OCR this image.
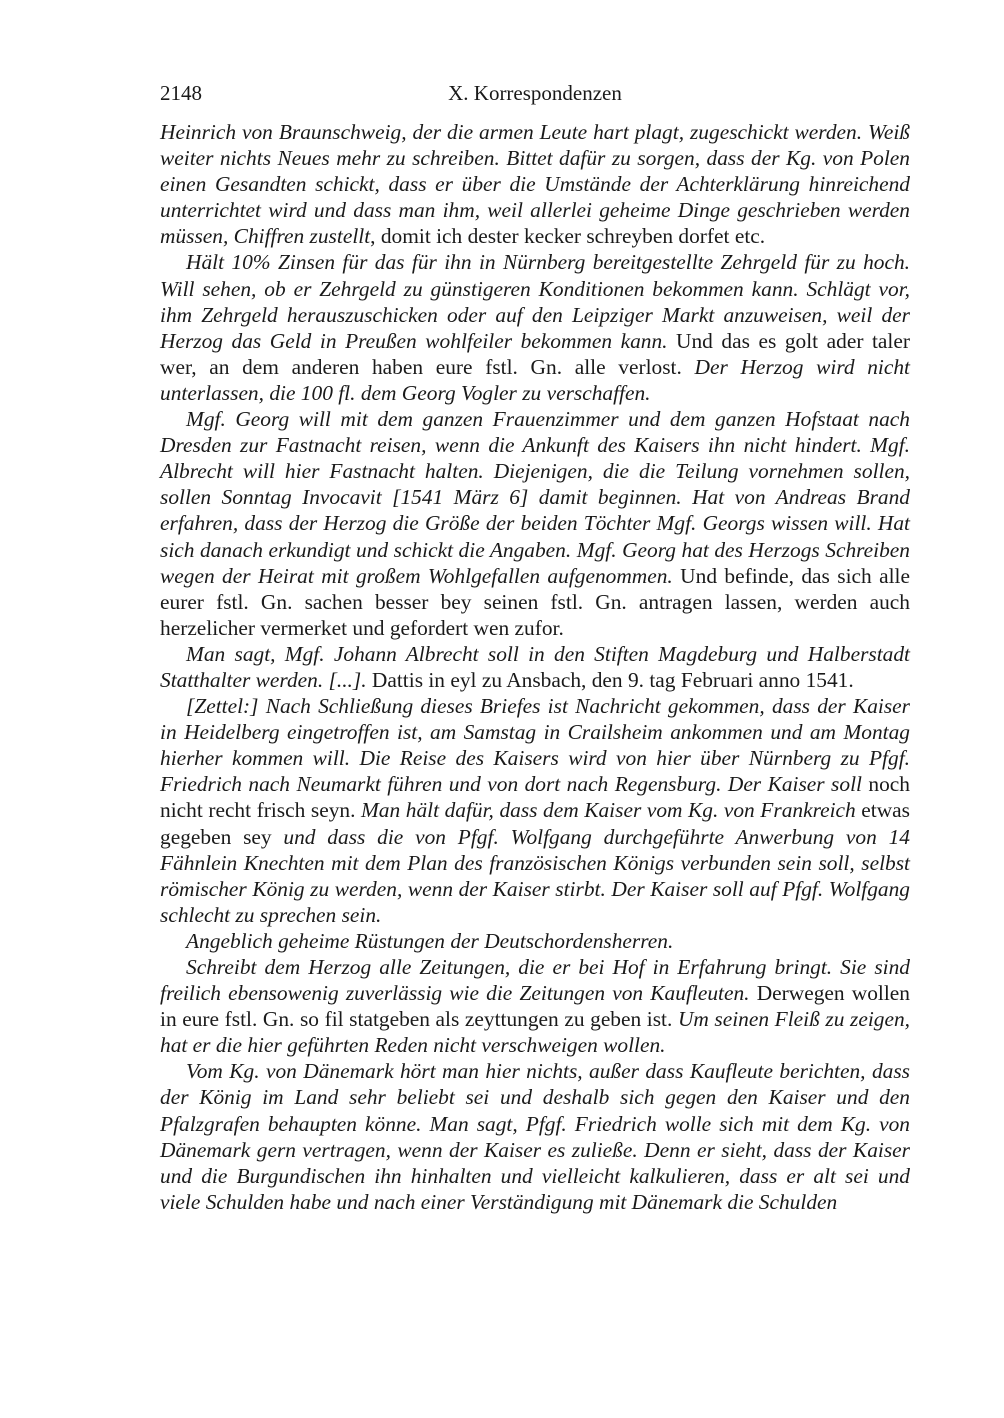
2148	X. Korrespondenzen

Heinrich von Braunschweig, der die armen Leute hart plagt, zugeschickt werden. Weiß weiter nichts Neues mehr zu schreiben. Bittet dafür zu sorgen, dass der Kg. von Polen einen Gesandten schickt, dass er über die Umstände der Achterklärung hinreichend unterrichtet wird und dass man ihm, weil allerlei geheime Dinge geschrieben werden müssen, Chiffren zustellt, domit ich dester kecker schreyben dorfet etc.

Hält 10% Zinsen für das für ihn in Nürnberg bereitgestellte Zehrgeld für zu hoch. Will sehen, ob er Zehrgeld zu günstigeren Konditionen bekommen kann. Schlägt vor, ihm Zehrgeld herauszuschicken oder auf den Leipziger Markt anzuweisen, weil der Herzog das Geld in Preußen wohlfeiler bekommen kann. Und das es golt ader taler wer, an dem anderen haben eure fstl. Gn. alle verlost. Der Herzog wird nicht unterlassen, die 100 fl. dem Georg Vogler zu verschaffen.

Mgf. Georg will mit dem ganzen Frauenzimmer und dem ganzen Hofstaat nach Dresden zur Fastnacht reisen, wenn die Ankunft des Kaisers ihn nicht hindert. Mgf. Albrecht will hier Fastnacht halten. Diejenigen, die die Teilung vornehmen sollen, sollen Sonntag Invocavit [1541 März 6] damit beginnen. Hat von Andreas Brand erfahren, dass der Herzog die Größe der beiden Töchter Mgf. Georgs wissen will. Hat sich danach erkundigt und schickt die Angaben. Mgf. Georg hat des Herzogs Schreiben wegen der Heirat mit großem Wohlgefallen aufgenommen. Und befinde, das sich alle eurer fstl. Gn. sachen besser bey seinen fstl. Gn. antragen lassen, werden auch herzelicher vermerket und gefordert wen zufor.

Man sagt, Mgf. Johann Albrecht soll in den Stiften Magdeburg und Halberstadt Statthalter werden. [...]. Dattis in eyl zu Ansbach, den 9. tag Februari anno 1541.

[Zettel:] Nach Schließung dieses Briefes ist Nachricht gekommen, dass der Kaiser in Heidelberg eingetroffen ist, am Samstag in Crailsheim ankommen und am Montag hierher kommen will. Die Reise des Kaisers wird von hier über Nürnberg zu Pfgf. Friedrich nach Neumarkt führen und von dort nach Regensburg. Der Kaiser soll noch nicht recht frisch seyn. Man hält dafür, dass dem Kaiser vom Kg. von Frankreich etwas gegeben sey und dass die von Pfgf. Wolfgang durchgeführte Anwerbung von 14 Fähnlein Knechten mit dem Plan des französischen Königs verbunden sein soll, selbst römischer König zu werden, wenn der Kaiser stirbt. Der Kaiser soll auf Pfgf. Wolfgang schlecht zu sprechen sein.

Angeblich geheime Rüstungen der Deutschordensherren.

Schreibt dem Herzog alle Zeitungen, die er bei Hof in Erfahrung bringt. Sie sind freilich ebensowenig zuverlässig wie die Zeitungen von Kaufleuten. Derwegen wollen in eure fstl. Gn. so fil statgeben als zeyttungen zu geben ist. Um seinen Fleiß zu zeigen, hat er die hier geführten Reden nicht verschweigen wollen.

Vom Kg. von Dänemark hört man hier nichts, außer dass Kaufleute berichten, dass der König im Land sehr beliebt sei und deshalb sich gegen den Kaiser und den Pfalzgrafen behaupten könne. Man sagt, Pfgf. Friedrich wolle sich mit dem Kg. von Dänemark gern vertragen, wenn der Kaiser es zuließe. Denn er sieht, dass der Kaiser und die Burgundischen ihn hinhalten und vielleicht kalkulieren, dass er alt sei und viele Schulden habe und nach einer Verständigung mit Dänemark die Schulden
